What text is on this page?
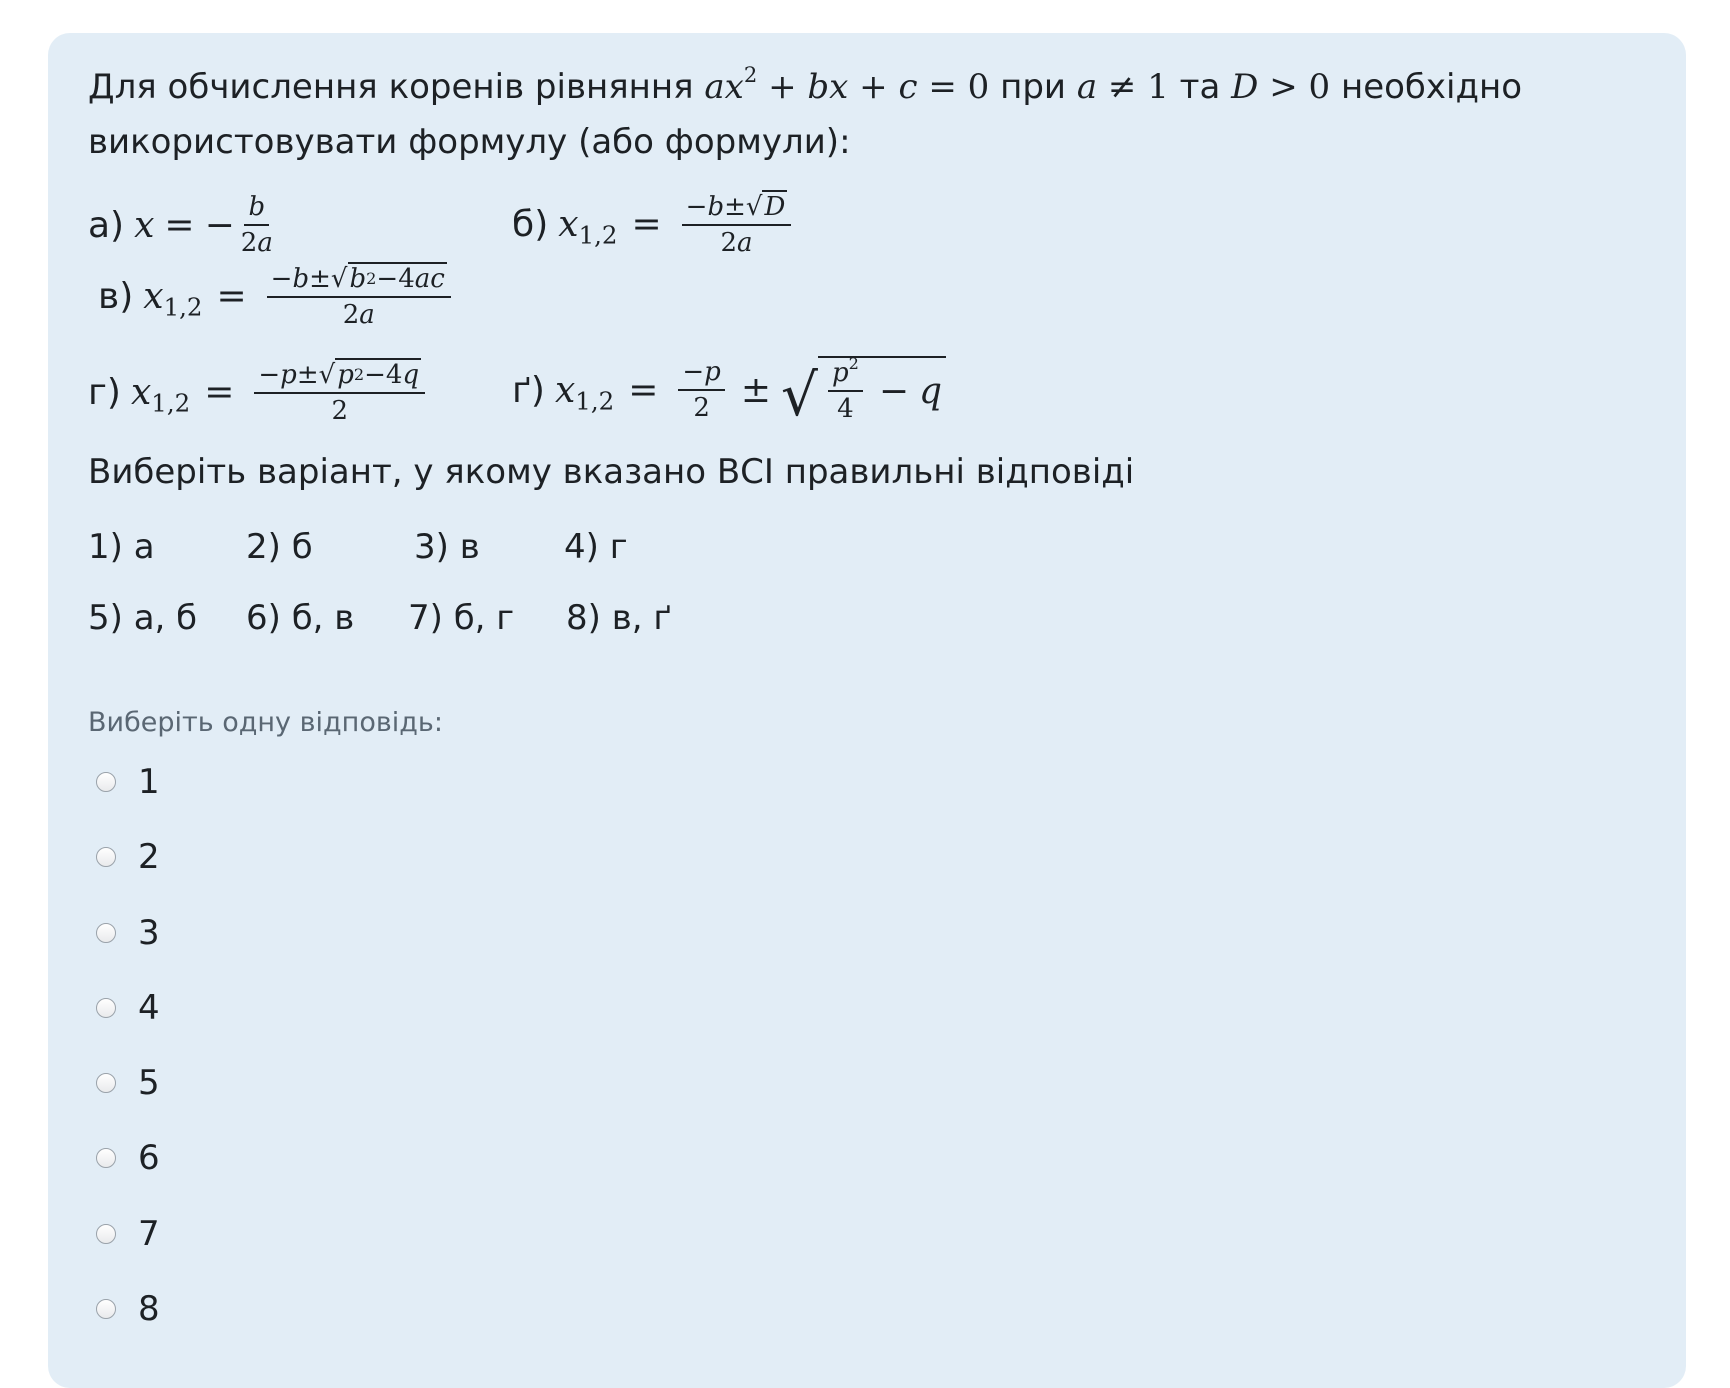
Для обчислення коренів рівняння $ax^2$ + bx + c = 0 при a ≠ 1 та D > 0 необхідно використовувати формулу (або формули):
а) x = − $\frac{b}{2a}$	б) $x_{1,2} = \frac{-b\pm √ D}{2a}$
в) $x_{1,2} = \frac{-b\pm √ b 2 -4 ac}{2a}$
г) $x_{1,2} = \frac{-p\pm √ p 2 -4 q}{2} ґ$) $x_{1,2} = \frac{-p}{2}$ ± √ $\frac{p^2}{4} - q$
Виберіть варіант, у якому вказано ВСІ правильні відповіді
1) а	2) б	3) в 4) г
5) а, б 6) б, в 7) б, г 8) в, ґ
Виберіть одну відповідь:
1
2
3
4
5
6
7
8
